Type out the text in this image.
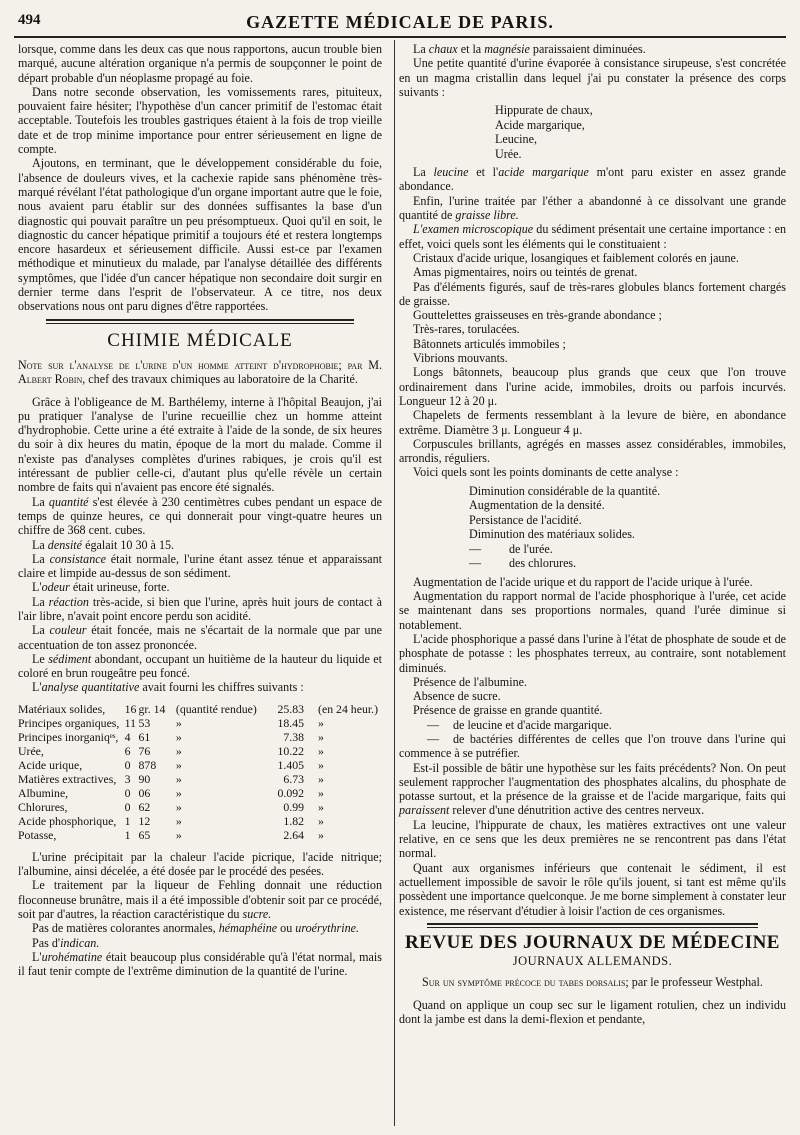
494	GAZETTE MÉDICALE DE PARIS.

lorsque, comme dans les deux cas que nous rapportons, aucun trouble bien marqué, aucune altération organique n'a permis de soupçonner le point de départ probable d'un néoplasme propagé au foie.

Dans notre seconde observation, les vomissements rares, pituiteux, pouvaient faire hésiter; l'hypothèse d'un cancer primitif de l'estomac était acceptable. Toutefois les troubles gastriques étaient à la fois de trop vieille date et de trop minime importance pour entrer sérieusement en ligne de compte.

Ajoutons, en terminant, que le développement considérable du foie, l'absence de douleurs vives, et la cachexie rapide sans phénomène très-marqué révélant l'état pathologique d'un organe important autre que le foie, nous avaient paru établir sur des données suffisantes la base d'un diagnostic qui pouvait paraître un peu présomptueux. Quoi qu'il en soit, le diagnostic du cancer hépatique primitif a toujours été et restera longtemps encore hasardeux et sérieusement difficile. Aussi est-ce par l'examen méthodique et minutieux du malade, par l'analyse détaillée des différents symptômes, que l'idée d'un cancer hépatique non secondaire doit surgir en dernier terme dans l'esprit de l'observateur. A ce titre, nos deux observations nous ont paru dignes d'être rapportées.

CHIMIE MÉDICALE

Note sur l'analyse de l'urine d'un homme atteint d'hydrophobie; par M. Albert Robin, chef des travaux chimiques au laboratoire de la Charité.

Grâce à l'obligeance de M. Barthélemy, interne à l'hôpital Beaujon, j'ai pu pratiquer l'analyse de l'urine recueillie chez un homme atteint d'hydrophobie. Cette urine a été extraite à l'aide de la sonde, de six heures du soir à dix heures du matin, époque de la mort du malade. Comme il n'existe pas d'analyses complètes d'urines rabiques, je crois qu'il est intéressant de publier celle-ci, d'autant plus qu'elle révèle un certain nombre de faits qui n'avaient pas encore été signalés.

La quantité s'est élevée à 230 centimètres cubes pendant un espace de temps de quinze heures, ce qui donnerait pour vingt-quatre heures un chiffre de 368 cent. cubes.

La densité égalait 10 30 à 15.

La consistance était normale, l'urine étant assez ténue et apparaissant claire et limpide au-dessus de son sédiment.

L'odeur était urineuse, forte.

La réaction très-acide, si bien que l'urine, après huit jours de contact à l'air libre, n'avait point encore perdu son acidité.

La couleur était foncée, mais ne s'écartait de la normale que par une accentuation de ton assez prononcée.

Le sédiment abondant, occupant un huitième de la hauteur du liquide et coloré en brun rougeâtre peu foncé.

L'analyse quantitative avait fourni les chiffres suivants :

Matériaux solides,	16	gr. 14	(quantité rendue)	25.83	(en 24 heur.)
Principes organiques,	11	53	»	18.45	»
Principes inorganiqᵉˢ,	4	61	»	7.38	»
Urée,	6	76	»	10.22	»
Acide urique,	0	878	»	1.405	»
Matières extractives,	3	90	»	6.73	»
Albumine,	0	06	»	0.092	»
Chlorures,	0	62	»	0.99	»
Acide phosphorique,	1	12	»	1.82	»
Potasse,	1	65	»	2.64	»

L'urine précipitait par la chaleur l'acide picrique, l'acide nitrique; l'albumine, ainsi décelée, a été dosée par le procédé des pesées.

Le traitement par la liqueur de Fehling donnait une réduction floconneuse brunâtre, mais il a été impossible d'obtenir soit par ce procédé, soit par d'autres, la réaction caractéristique du sucre.

Pas de matières colorantes anormales, hémaphéine ou uroérythrine.

Pas d'indican.

L'urohématine était beaucoup plus considérable qu'à l'état normal, mais il faut tenir compte de l'extrême diminution de la quantité de l'urine.

La chaux et la magnésie paraissaient diminuées.

Une petite quantité d'urine évaporée à consistance sirupeuse, s'est concrétée en un magma cristallin dans lequel j'ai pu constater la présence des corps suivants :

Hippurate de chaux,
Acide margarique,
Leucine,
Urée.

La leucine et l'acide margarique m'ont paru exister en assez grande abondance.

Enfin, l'urine traitée par l'éther a abandonné à ce dissolvant une grande quantité de graisse libre.

L'examen microscopique du sédiment présentait une certaine importance : en effet, voici quels sont les éléments qui le constituaient :

Cristaux d'acide urique, losangiques et faiblement colorés en jaune.

Amas pigmentaires, noirs ou teintés de grenat.

Pas d'éléments figurés, sauf de très-rares globules blancs fortement chargés de graisse.

Gouttelettes graisseuses en très-grande abondance ;

Très-rares, torulacées.

Bâtonnets articulés immobiles ;

Vibrions mouvants.

Longs bâtonnets, beaucoup plus grands que ceux que l'on trouve ordinairement dans l'urine acide, immobiles, droits ou parfois incurvés. Longueur 12 à 20 μ.

Chapelets de ferments ressemblant à la levure de bière, en abondance extrême. Diamètre 3 μ. Longueur 4 μ.

Corpuscules brillants, agrégés en masses assez considérables, immobiles, arrondis, réguliers.

Voici quels sont les points dominants de cette analyse :

Diminution considérable de la quantité.
Augmentation de la densité.
Persistance de l'acidité.
Diminution des matériaux solides.
— de l'urée.
— des chlorures.

Augmentation de l'acide urique et du rapport de l'acide urique à l'urée.

Augmentation du rapport normal de l'acide phosphorique à l'urée, cet acide se maintenant dans ses proportions normales, quand l'urée diminue si notablement.

L'acide phosphorique a passé dans l'urine à l'état de phosphate de soude et de phosphate de potasse : les phosphates terreux, au contraire, sont notablement diminués.

Présence de l'albumine.

Absence de sucre.

Présence de graisse en grande quantité.

— de leucine et d'acide margarique.

— de bactéries différentes de celles que l'on trouve dans l'urine qui commence à se putréfier.

Est-il possible de bâtir une hypothèse sur les faits précédents? Non. On peut seulement rapprocher l'augmentation des phosphates alcalins, du phosphate de potasse surtout, et la présence de la graisse et de l'acide margarique, faits qui paraissent relever d'une dénutrition active des centres nerveux.

La leucine, l'hippurate de chaux, les matières extractives ont une valeur relative, en ce sens que les deux premières ne se rencontrent pas dans l'état normal.

Quant aux organismes inférieurs que contenait le sédiment, il est actuellement impossible de savoir le rôle qu'ils jouent, si tant est même qu'ils possèdent une importance quelconque. Je me borne simplement à constater leur existence, me réservant d'étudier à loisir l'action de ces organismes.

REVUE DES JOURNAUX DE MÉDECINE
JOURNAUX ALLEMANDS.

Sur un symptôme précoce du tabes dorsalis; par le professeur Westphal.

Quand on applique un coup sec sur le ligament rotulien, chez un individu dont la jambe est dans la demi-flexion et pendante,
